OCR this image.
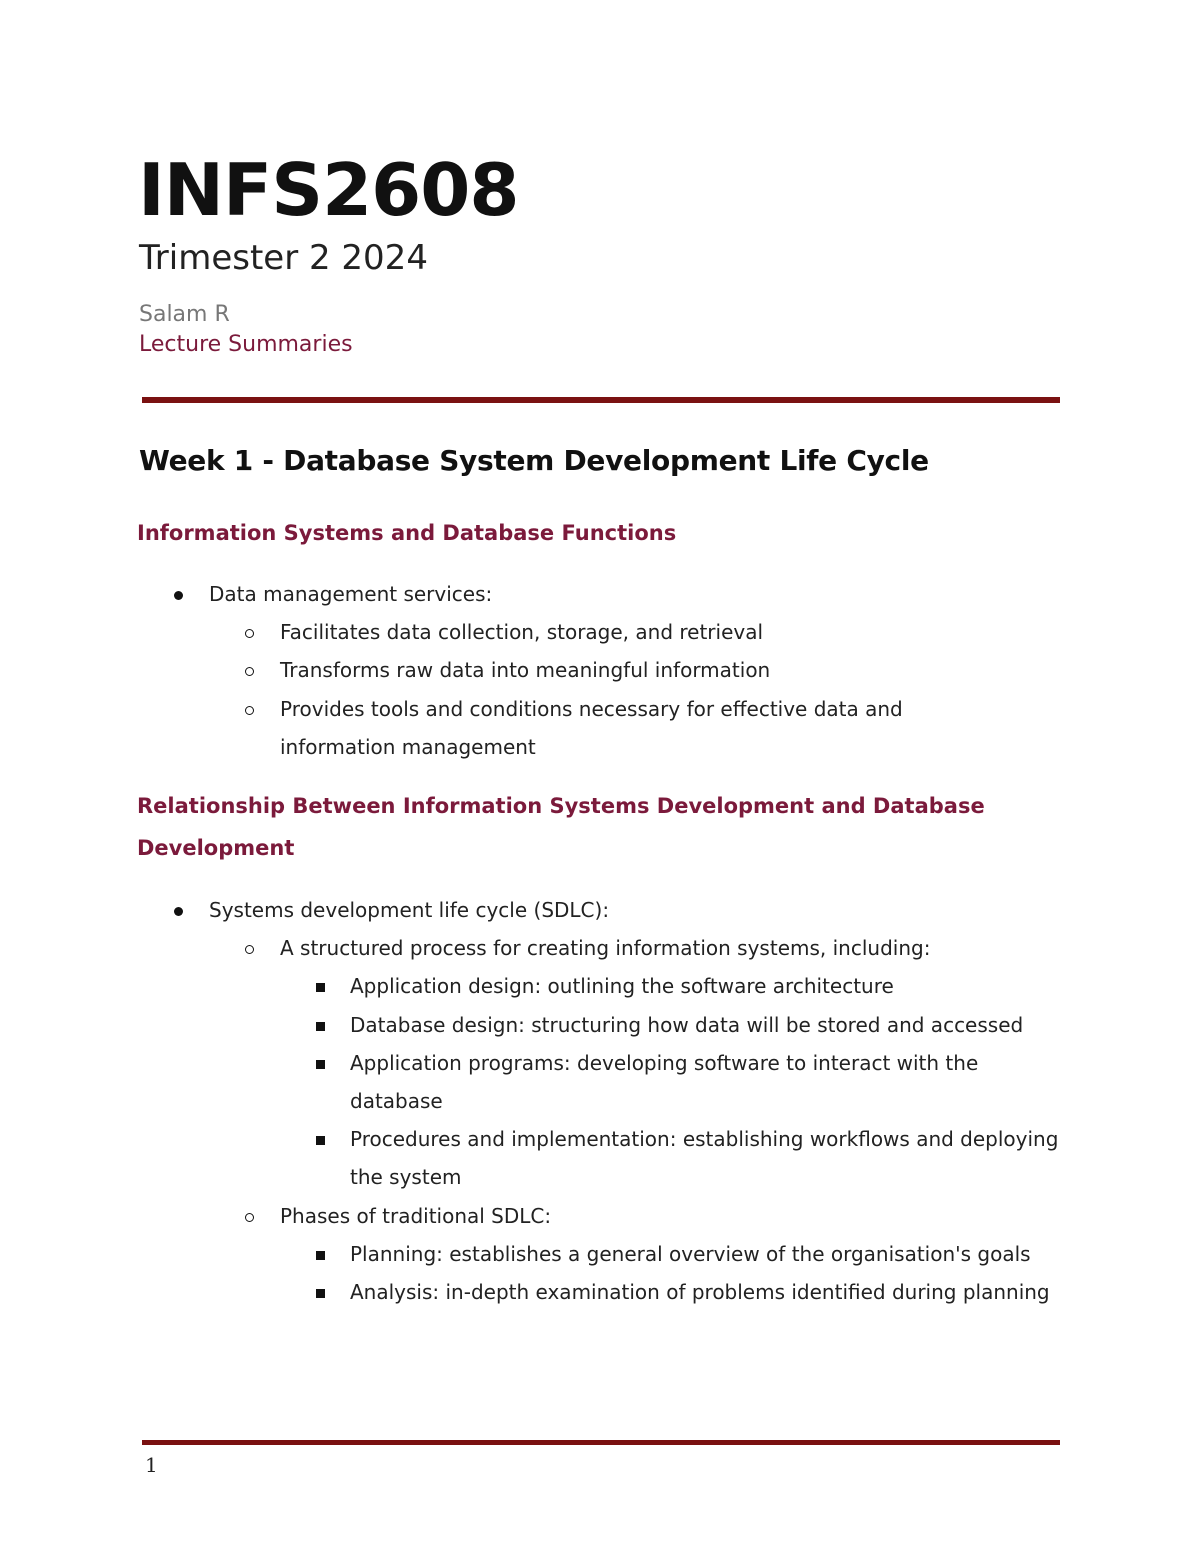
INFS2608
Trimester 2 2024
Salam R
Lecture Summaries
Week 1 - Database System Development Life Cycle
Information Systems and Database Functions
Data management services:
Facilitates data collection, storage, and retrieval
Transforms raw data into meaningful information
Provides tools and conditions necessary for effective data and information management
Relationship Between Information Systems Development and Database Development
Systems development life cycle (SDLC):
A structured process for creating information systems, including:
Application design: outlining the software architecture
Database design: structuring how data will be stored and accessed
Application programs: developing software to interact with the database
Procedures and implementation: establishing workflows and deploying the system
Phases of traditional SDLC:
Planning: establishes a general overview of the organisation's goals
Analysis: in-depth examination of problems identified during planning
1
